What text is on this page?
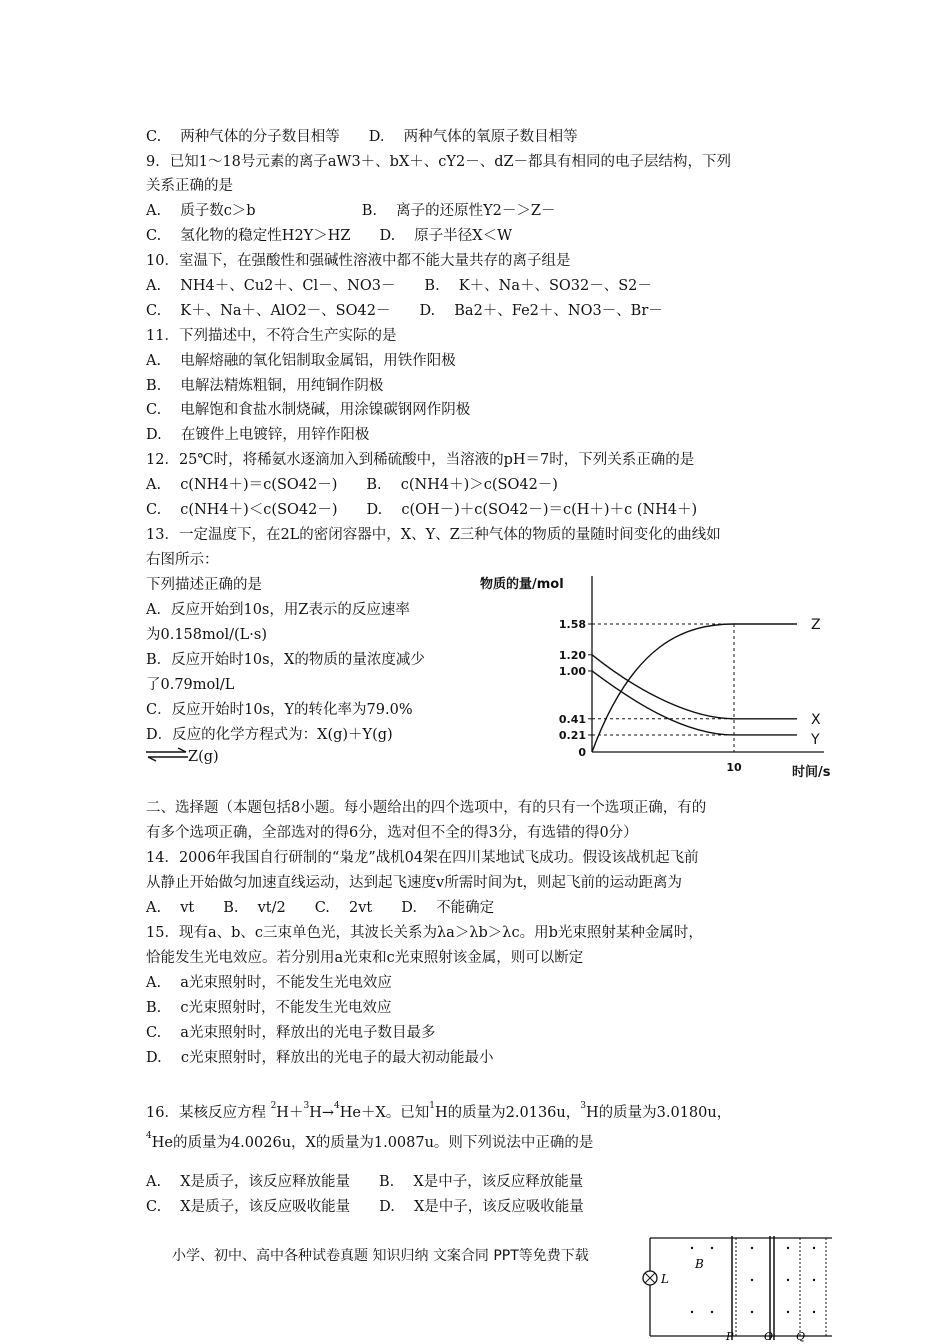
C.　 两种气体的分子数目相等　　D.　 两种气体的氧原子数目相等
9．已知1～18号元素的离子aW3＋、bX＋、cY2－、dZ－都具有相同的电子层结构，下列
关系正确的是
A.　 质子数c＞b　　　　　　　 B.　 离子的还原性Y2－＞Z－
C.　 氢化物的稳定性H2Y＞HZ　　D.　 原子半径X＜W
10．室温下，在强酸性和强碱性溶液中都不能大量共存的离子组是
A.　 NH4＋、Cu2＋、Cl－、NO3－　　B.　 K＋、Na＋、SO32－、S2－
C.　 K＋、Na＋、AlO2－、SO42－　　D.　 Ba2＋、Fe2＋、NO3－、Br－
11．下列描述中，不符合生产实际的是
A.　 电解熔融的氧化铝制取金属铝，用铁作阳极
B.　 电解法精炼粗铜，用纯铜作阴极
C.　 电解饱和食盐水制烧碱，用涂镍碳钢网作阴极
D.　 在镀件上电镀锌，用锌作阳极
12．25℃时，将稀氨水逐滴加入到稀硫酸中，当溶液的pH＝7时，下列关系正确的是
A.　 c(NH4＋)＝c(SO42－)　　B.　 c(NH4＋)＞c(SO42－)
C.　 c(NH4＋)＜c(SO42－)　　D.　 c(OH－)＋c(SO42－)＝c(H＋)＋c (NH4＋)
13．一定温度下，在2L的密闭容器中，X、Y、Z三种气体的物质的量随时间变化的曲线如
右图所示：
下列描述正确的是
A．反应开始到10s，用Z表示的反应速率
为0.158mol/(L·s)
B．反应开始时10s，X的物质的量浓度减少
了0.79mol/L
C．反应开始时10s，Y的转化率为79.0%
D．反应的化学方程式为：X(g)＋Y(g)
Z(g)
物质的量/mol
时间/s
1.58
1.20
1.00
0.41
0.21
0
10
Z
X
Y
二、选择题（本题包括8小题。每小题给出的四个选项中，有的只有一个选项正确，有的
有多个选项正确，全部选对的得6分，选对但不全的得3分，有选错的得0分）
14．2006年我国自行研制的“枭龙”战机04架在四川某地试飞成功。假设该战机起飞前
从静止开始做匀加速直线运动，达到起飞速度v所需时间为t，则起飞前的运动距离为
A.　 vt　　B.　 vt/2　　C.　 2vt　　D.　 不能确定
15．现有a、b、c三束单色光，其波长关系为λa＞λb＞λc。用b光束照射某种金属时，
恰能发生光电效应。若分别用a光束和c光束照射该金属，则可以断定
A.　 a光束照射时，不能发生光电效应
B.　 c光束照射时，不能发生光电效应
C.　 a光束照射时，释放出的光电子数目最多
D.　 c光束照射时，释放出的光电子的最大初动能最小

16．某核反应方程 $^2$H＋$^3$H→$^4$He＋X。已知$^1$H的质量为2.0136u，$^3$H的质量为3.0180u，

$^4$He的质量为4.0026u，X的质量为1.0087u。则下列说法中正确的是
A.　 X是质子，该反应释放能量　　B.　 X是中子，该反应释放能量
C.　 X是质子，该反应吸收能量　　D.　 X是中子，该反应吸收能量
小学、初中、高中各种试卷真题 知识归纳 文案合同 PPT等免费下载
L
B
P	O Q
